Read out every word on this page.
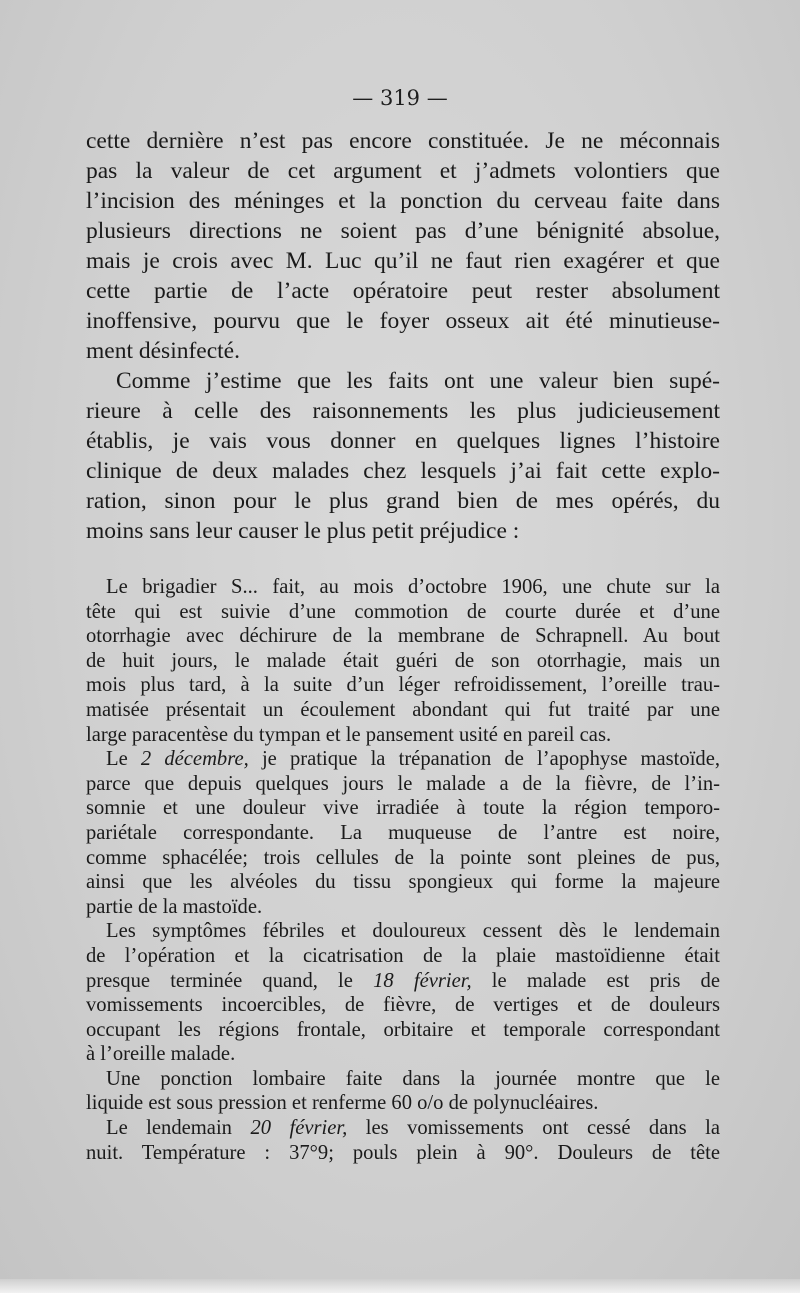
— 319 —
cette dernière n’est pas encore constituée. Je ne méconnais
pas la valeur de cet argument et j’admets volontiers que
l’incision des méninges et la ponction du cerveau faite dans
plusieurs directions ne soient pas d’une bénignité absolue,
mais je crois avec M. Luc qu’il ne faut rien exagérer et que
cette partie de l’acte opératoire peut rester absolument
inoffensive, pourvu que le foyer osseux ait été minutieuse-
ment désinfecté.
Comme j’estime que les faits ont une valeur bien supé-
rieure à celle des raisonnements les plus judicieusement
établis, je vais vous donner en quelques lignes l’histoire
clinique de deux malades chez lesquels j’ai fait cette explo-
ration, sinon pour le plus grand bien de mes opérés, du
moins sans leur causer le plus petit préjudice :
Le brigadier S... fait, au mois d’octobre 1906, une chute sur la
tête qui est suivie d’une commotion de courte durée et d’une
otorrhagie avec déchirure de la membrane de Schrapnell. Au bout
de huit jours, le malade était guéri de son otorrhagie, mais un
mois plus tard, à la suite d’un léger refroidissement, l’oreille trau-
matisée présentait un écoulement abondant qui fut traité par une
large paracentèse du tympan et le pansement usité en pareil cas.
Le 2 décembre, je pratique la trépanation de l’apophyse mastoïde,
parce que depuis quelques jours le malade a de la fièvre, de l’in-
somnie et une douleur vive irradiée à toute la région temporo-
pariétale correspondante. La muqueuse de l’antre est noire,
comme sphacélée; trois cellules de la pointe sont pleines de pus,
ainsi que les alvéoles du tissu spongieux qui forme la majeure
partie de la mastoïde.
Les symptômes fébriles et douloureux cessent dès le lendemain
de l’opération et la cicatrisation de la plaie mastoïdienne était
presque terminée quand, le 18 février, le malade est pris de
vomissements incoercibles, de fièvre, de vertiges et de douleurs
occupant les régions frontale, orbitaire et temporale correspondant
à l’oreille malade.
Une ponction lombaire faite dans la journée montre que le
liquide est sous pression et renferme 60 o/o de polynucléaires.
Le lendemain 20 février, les vomissements ont cessé dans la
nuit. Température : 37°9; pouls plein à 90°. Douleurs de tête
